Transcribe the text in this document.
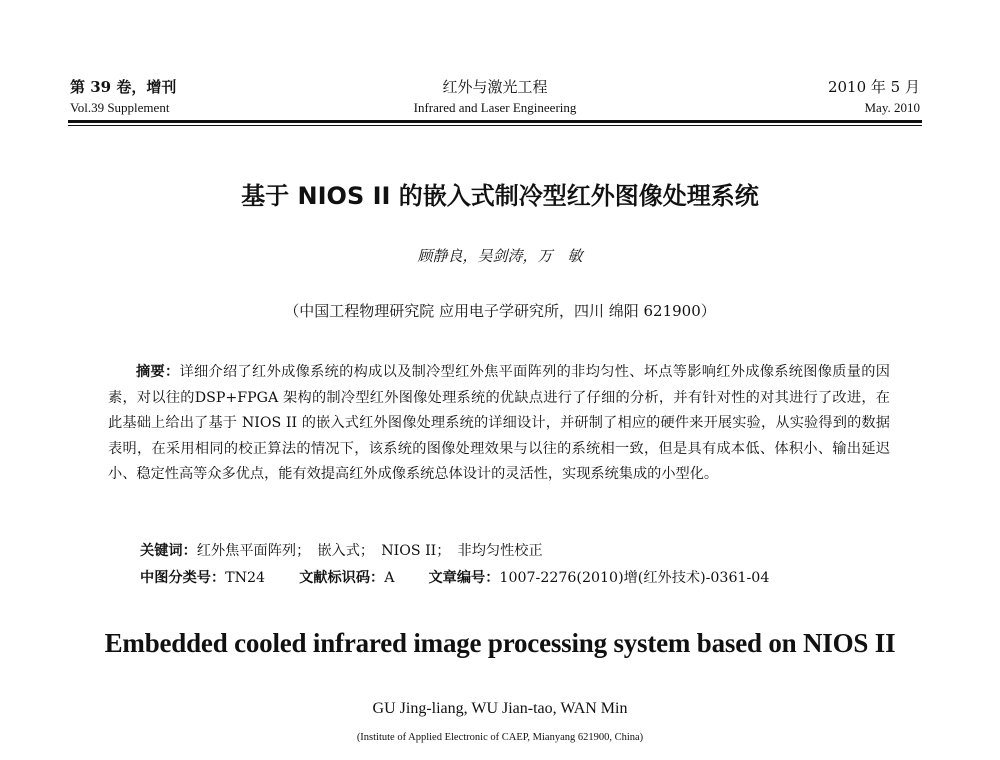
第 39 卷，增刊	红外与激光工程	2010 年 5 月
Vol.39 Supplement	Infrared and Laser Engineering	May. 2010
基于 NIOS II 的嵌入式制冷型红外图像处理系统
顾静良，吴剑涛，万　敏
（中国工程物理研究院 应用电子学研究所，四川 绵阳 621900）
摘要：详细介绍了红外成像系统的构成以及制冷型红外焦平面阵列的非均匀性、坏点等影响红外成像系统图像质量的因素，对以往的DSP+FPGA 架构的制冷型红外图像处理系统的优缺点进行了仔细的分析，并有针对性的对其进行了改进，在此基础上给出了基于 NIOS II 的嵌入式红外图像处理系统的详细设计，并研制了相应的硬件来开展实验，从实验得到的数据表明，在采用相同的校正算法的情况下，该系统的图像处理效果与以往的系统相一致，但是具有成本低、体积小、输出延迟小、稳定性高等众多优点，能有效提高红外成像系统总体设计的灵活性，实现系统集成的小型化。
关键词：红外焦平面阵列；　嵌入式；　NIOS II；　非均匀性校正
中图分类号：TN24 文献标识码：A 文章编号：1007-2276(2010)增(红外技术)-0361-04
Embedded cooled infrared image processing system based on NIOS II
GU Jing-liang, WU Jian-tao, WAN Min
(Institute of Applied Electronic of CAEP, Mianyang 621900, China)
